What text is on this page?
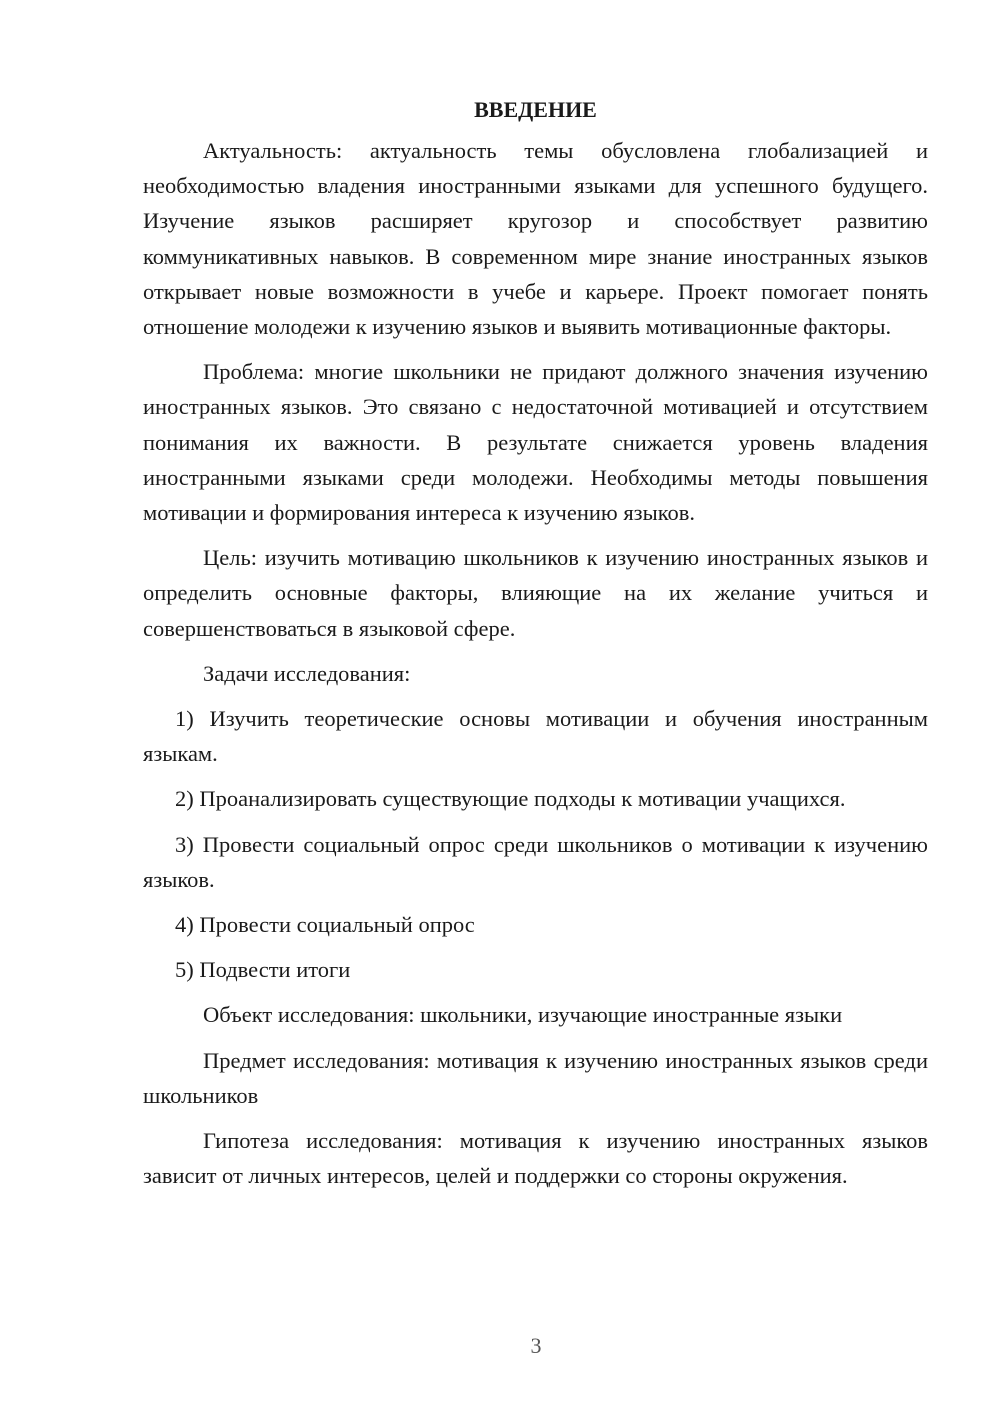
ВВЕДЕНИЕ

Актуальность: актуальность темы обусловлена глобализацией и необходимостью владения иностранными языками для успешного будущего. Изучение языков расширяет кругозор и способствует развитию коммуникативных навыков. В современном мире знание иностранных языков открывает новые возможности в учебе и карьере. Проект помогает понять отношение молодежи к изучению языков и выявить мотивационные факторы.

Проблема: многие школьники не придают должного значения изучению иностранных языков. Это связано с недостаточной мотивацией и отсутствием понимания их важности. В результате снижается уровень владения иностранными языками среди молодежи. Необходимы методы повышения мотивации и формирования интереса к изучению языков.

Цель: изучить мотивацию школьников к изучению иностранных языков и определить основные факторы, влияющие на их желание учиться и совершенствоваться в языковой сфере.

Задачи исследования:

1) Изучить теоретические основы мотивации и обучения иностранным языкам.

2) Проанализировать существующие подходы к мотивации учащихся.

3) Провести социальный опрос среди школьников о мотивации к изучению языков.

4) Провести социальный опрос

5) Подвести итоги

Объект исследования: школьники, изучающие иностранные языки

Предмет исследования: мотивация к изучению иностранных языков среди школьников

Гипотеза исследования: мотивация к изучению иностранных языков зависит от личных интересов, целей и поддержки со стороны окружения.

3
